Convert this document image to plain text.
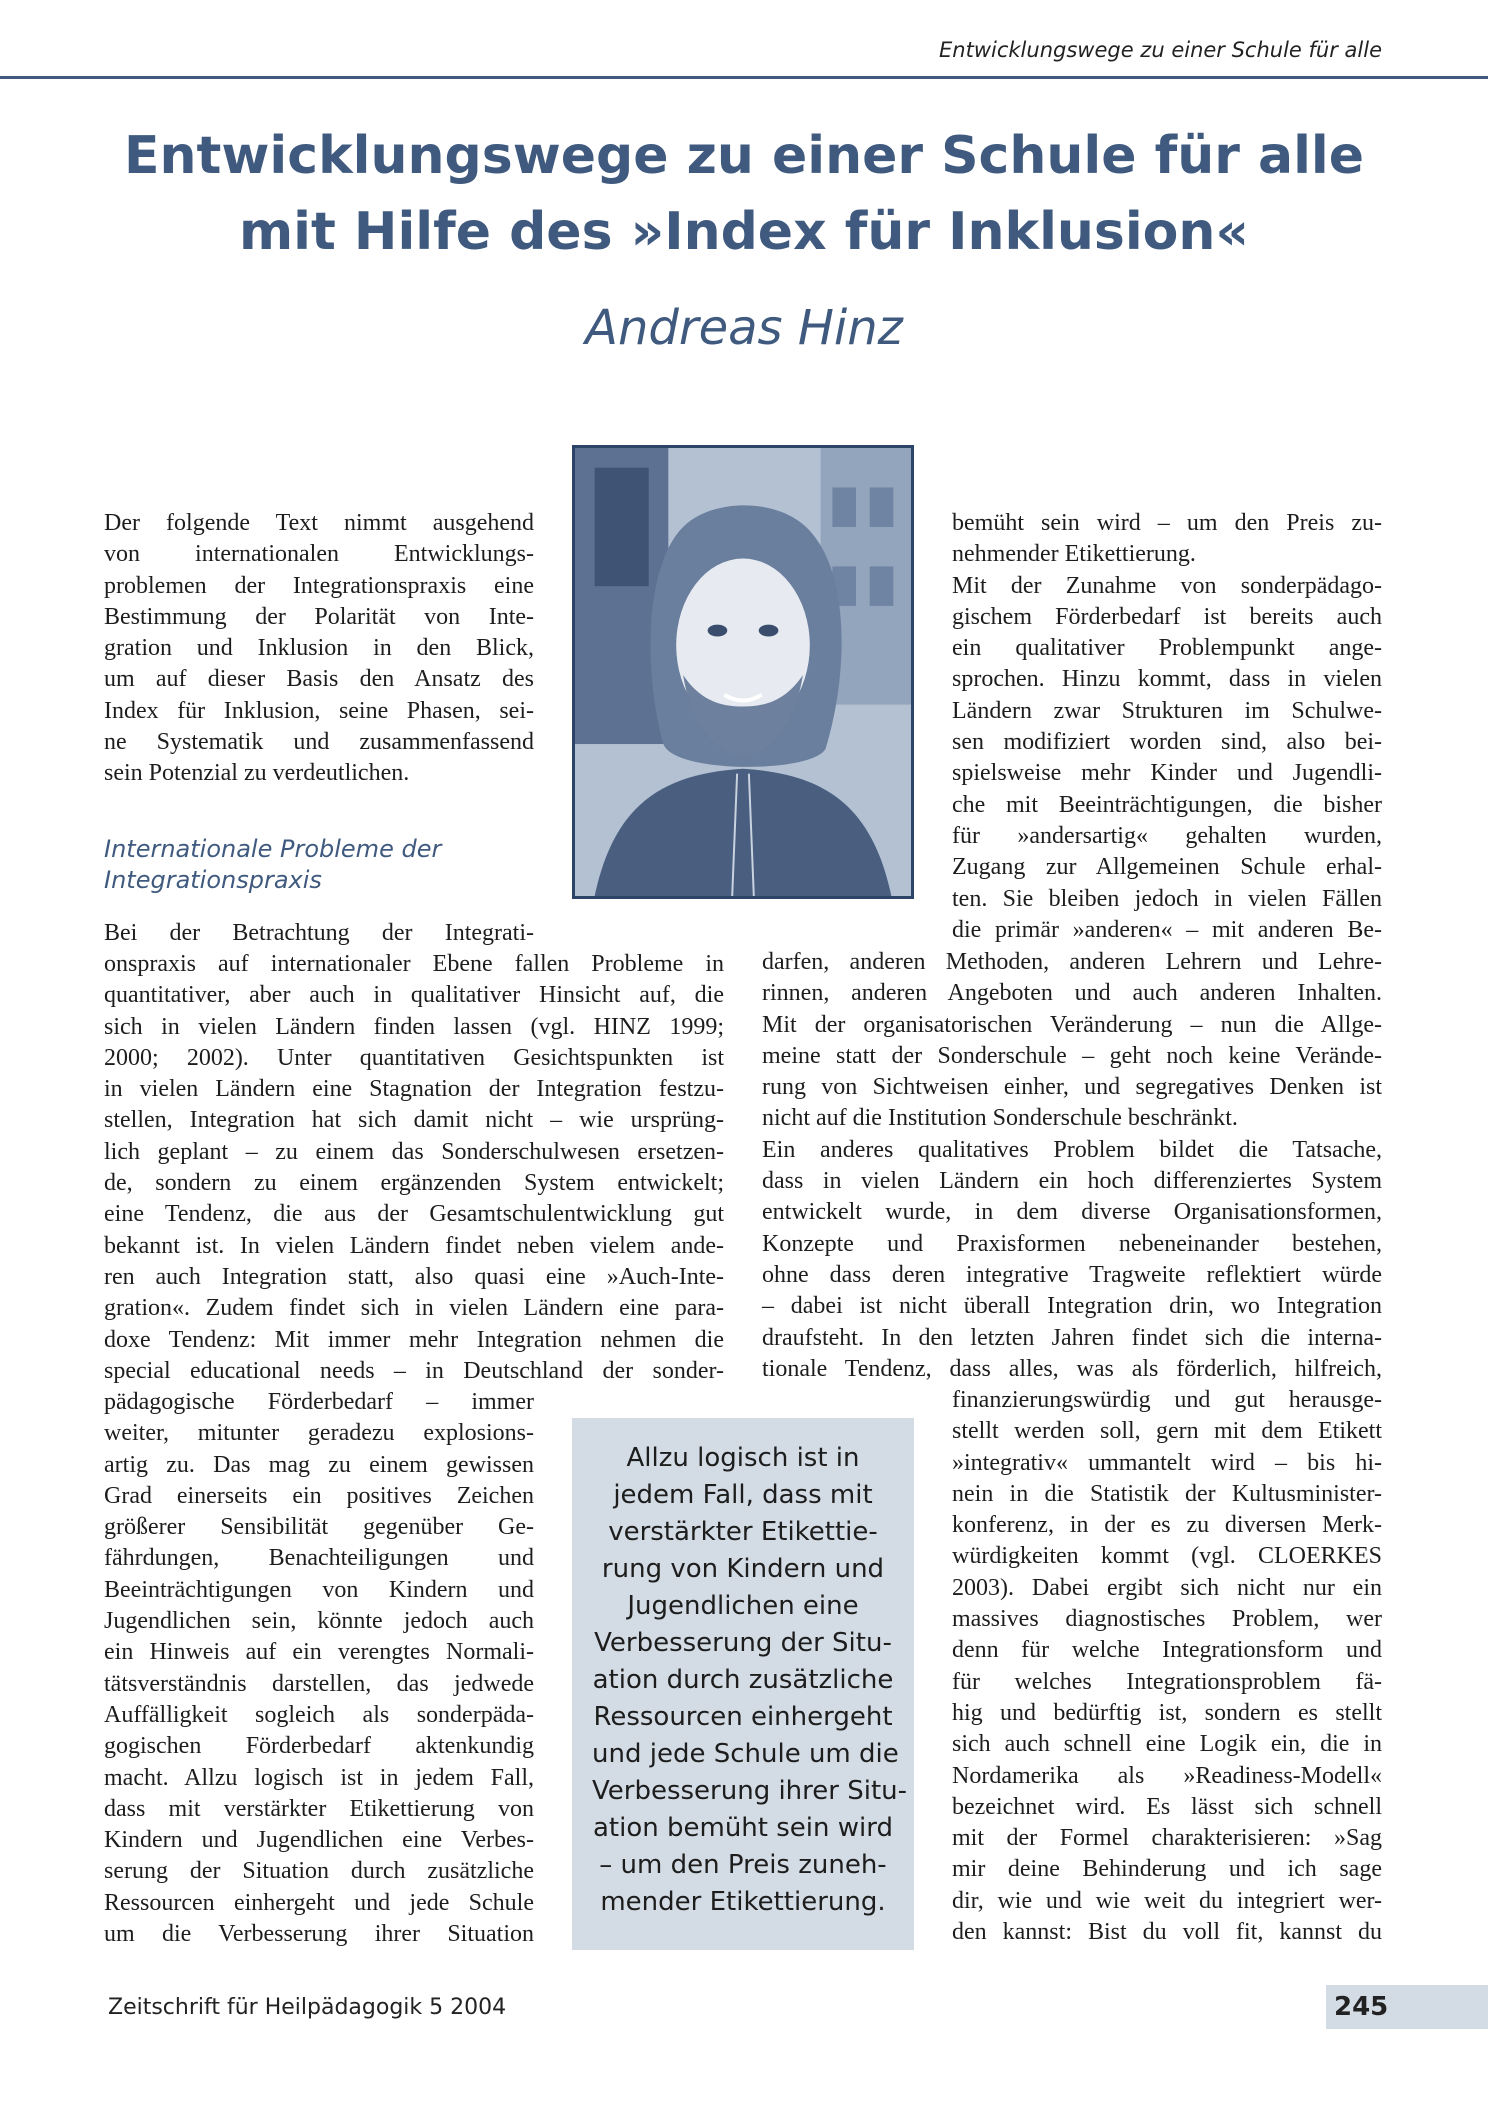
Entwicklungswege zu einer Schule für alle
Entwicklungswege zu einer Schule für alle
mit Hilfe des »Index für Inklusion«
Andreas Hinz
Der folgende Text nimmt ausgehend
von internationalen Entwicklungs-
problemen der Integrationspraxis eine
Bestimmung der Polarität von Inte-
gration und Inklusion in den Blick,
um auf dieser Basis den Ansatz des
Index für Inklusion, seine Phasen, sei-
ne Systematik und zusammenfassend
sein Potenzial zu verdeutlichen.
Internationale Probleme der
Integrationspraxis
Bei der Betrachtung der Integrati-
onspraxis auf internationaler Ebene fallen Probleme in
quantitativer, aber auch in qualitativer Hinsicht auf, die
sich in vielen Ländern finden lassen (vgl. HINZ 1999;
2000; 2002). Unter quantitativen Gesichtspunkten ist
in vielen Ländern eine Stagnation der Integration festzu-
stellen, Integration hat sich damit nicht – wie ursprüng-
lich geplant – zu einem das Sonderschulwesen ersetzen-
de, sondern zu einem ergänzenden System entwickelt;
eine Tendenz, die aus der Gesamtschulentwicklung gut
bekannt ist. In vielen Ländern findet neben vielem ande-
ren auch Integration statt, also quasi eine »Auch-Inte-
gration«. Zudem findet sich in vielen Ländern eine para-
doxe Tendenz: Mit immer mehr Integration nehmen die
special educational needs – in Deutschland der sonder-
pädagogische Förderbedarf – immer
weiter, mitunter geradezu explosions-
artig zu. Das mag zu einem gewissen
Grad einerseits ein positives Zeichen
größerer Sensibilität gegenüber Ge-
fährdungen, Benachteiligungen und
Beeinträchtigungen von Kindern und
Jugendlichen sein, könnte jedoch auch
ein Hinweis auf ein verengtes Normali-
tätsverständnis darstellen, das jedwede
Auffälligkeit sogleich als sonderpäda-
gogischen Förderbedarf aktenkundig
macht. Allzu logisch ist in jedem Fall,
dass mit verstärkter Etikettierung von
Kindern und Jugendlichen eine Verbes-
serung der Situation durch zusätzliche
Ressourcen einhergeht und jede Schule
um die Verbesserung ihrer Situation
bemüht sein wird – um den Preis zu-
nehmender Etikettierung.
Mit der Zunahme von sonderpädago-
gischem Förderbedarf ist bereits auch
ein qualitativer Problempunkt ange-
sprochen. Hinzu kommt, dass in vielen
Ländern zwar Strukturen im Schulwe-
sen modifiziert worden sind, also bei-
spielsweise mehr Kinder und Jugendli-
che mit Beeinträchtigungen, die bisher
für »andersartig« gehalten wurden,
Zugang zur Allgemeinen Schule erhal-
ten. Sie bleiben jedoch in vielen Fällen
die primär »anderen« – mit anderen Be-
darfen, anderen Methoden, anderen Lehrern und Lehre-
rinnen, anderen Angeboten und auch anderen Inhalten.
Mit der organisatorischen Veränderung – nun die Allge-
meine statt der Sonderschule – geht noch keine Verände-
rung von Sichtweisen einher, und segregatives Denken ist
nicht auf die Institution Sonderschule beschränkt.
Ein anderes qualitatives Problem bildet die Tatsache,
dass in vielen Ländern ein hoch differenziertes System
entwickelt wurde, in dem diverse Organisationsformen,
Konzepte und Praxisformen nebeneinander bestehen,
ohne dass deren integrative Tragweite reflektiert würde
– dabei ist nicht überall Integration drin, wo Integration
draufsteht. In den letzten Jahren findet sich die interna-
tionale Tendenz, dass alles, was als förderlich, hilfreich,
finanzierungswürdig und gut herausge-
stellt werden soll, gern mit dem Etikett
»integrativ« ummantelt wird – bis hi-
nein in die Statistik der Kultusminister-
konferenz, in der es zu diversen Merk-
würdigkeiten kommt (vgl. CLOERKES
2003). Dabei ergibt sich nicht nur ein
massives diagnostisches Problem, wer
denn für welche Integrationsform und
für welches Integrationsproblem fä-
hig und bedürftig ist, sondern es stellt
sich auch schnell eine Logik ein, die in
Nordamerika als »Readiness-Modell«
bezeichnet wird. Es lässt sich schnell
mit der Formel charakterisieren: »Sag
mir deine Behinderung und ich sage
dir, wie und wie weit du integriert wer-
den kannst: Bist du voll fit, kannst du
Allzu logisch ist in
jedem Fall, dass mit
verstärkter Etikettie-
rung von Kindern und
Jugendlichen eine
Verbesserung der Situ-
ation durch zusätzliche
Ressourcen einhergeht
und jede Schule um die
Verbesserung ihrer Situ-
ation bemüht sein wird
– um den Preis zuneh-
mender Etikettierung.
Zeitschrift für Heilpädagogik 5 2004	245
